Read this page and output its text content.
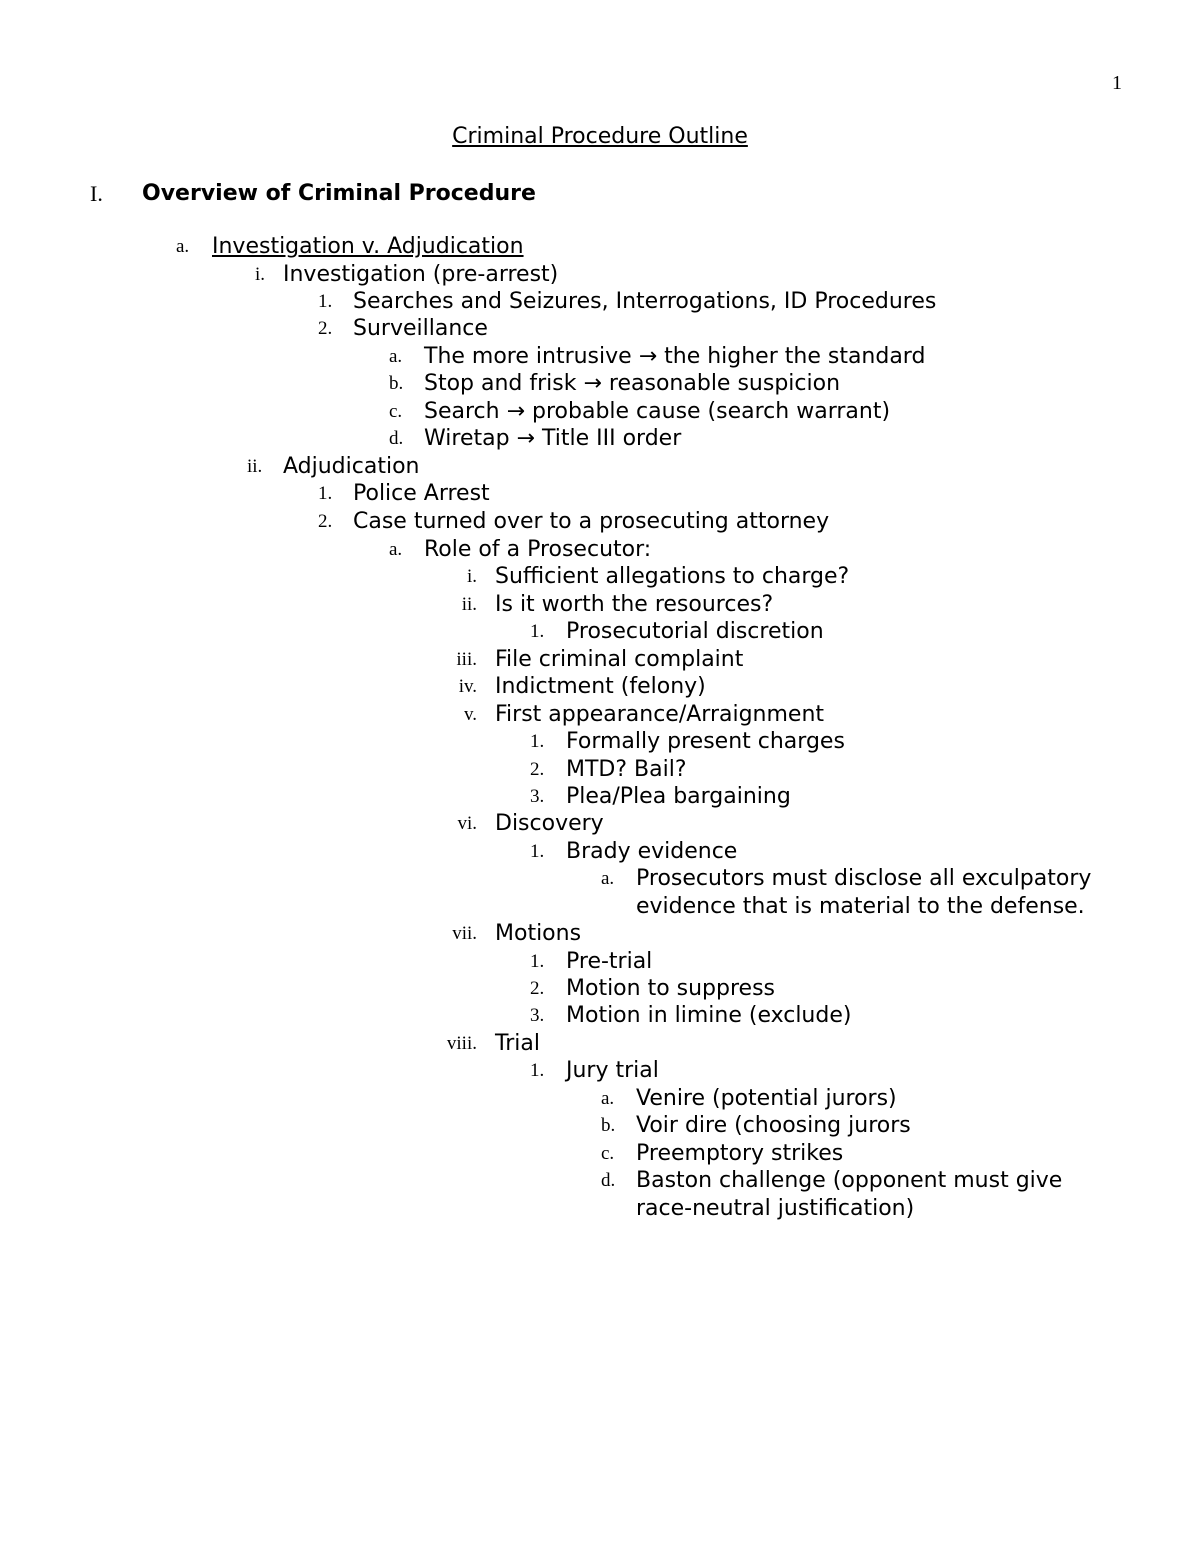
1
Criminal Procedure Outline
I. Overview of Criminal Procedure
a. Investigation v. Adjudication
i. Investigation (pre-arrest)
1. Searches and Seizures, Interrogations, ID Procedures
2. Surveillance
a. The more intrusive → the higher the standard
b. Stop and frisk → reasonable suspicion
c. Search → probable cause (search warrant)
d. Wiretap → Title III order
ii. Adjudication
1. Police Arrest
2. Case turned over to a prosecuting attorney
a. Role of a Prosecutor:
i. Sufficient allegations to charge?
ii. Is it worth the resources?
1. Prosecutorial discretion
iii. File criminal complaint
iv. Indictment (felony)
v. First appearance/Arraignment
1. Formally present charges
2. MTD? Bail?
3. Plea/Plea bargaining
vi. Discovery
1. Brady evidence
a. Prosecutors must disclose all exculpatory
evidence that is material to the defense.
vii. Motions
1. Pre-trial
2. Motion to suppress
3. Motion in limine (exclude)
viii. Trial
1. Jury trial
a. Venire (potential jurors)
b. Voir dire (choosing jurors
c. Preemptory strikes
d. Baston challenge (opponent must give
race-neutral justification)
